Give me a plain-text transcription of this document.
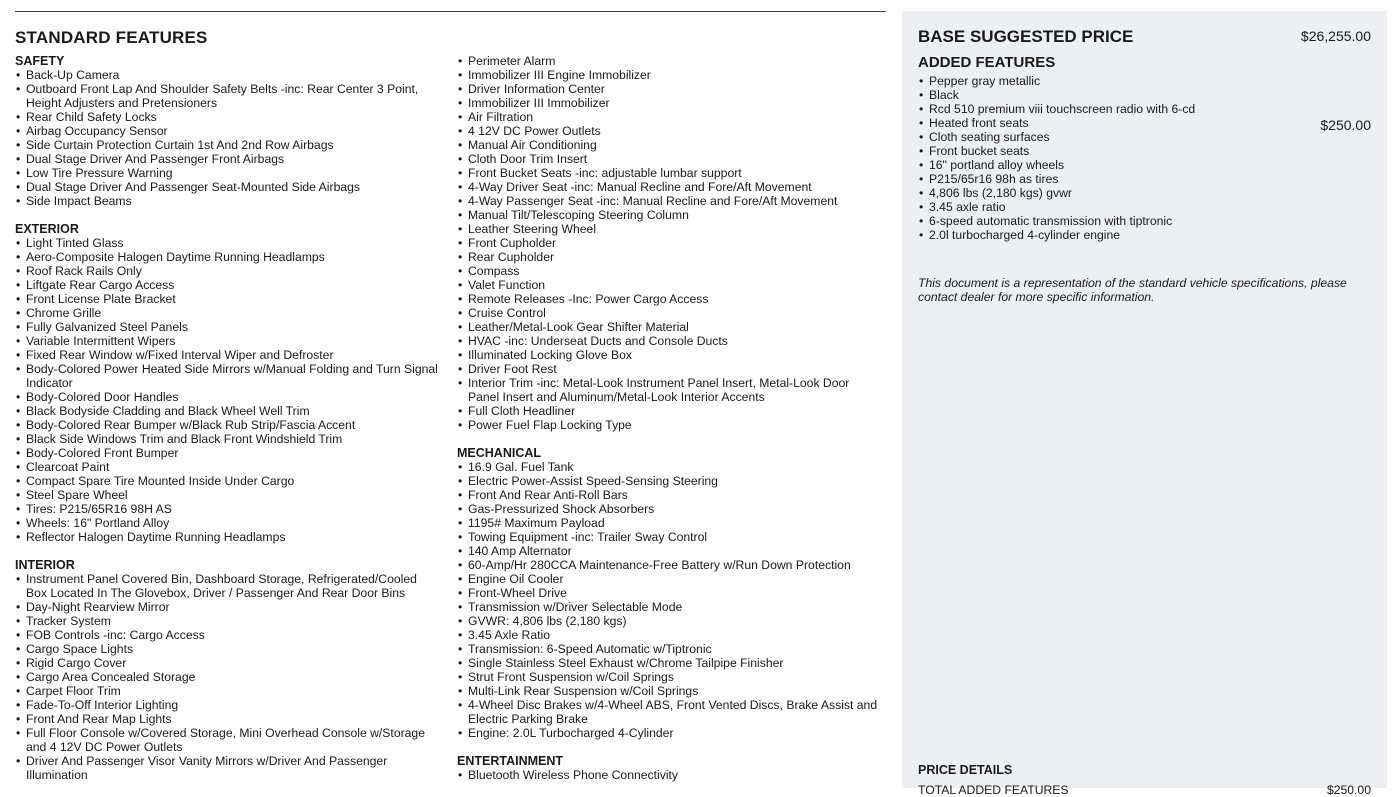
STANDARD FEATURES
SAFETY
• Back-Up Camera
• Outboard Front Lap And Shoulder Safety Belts -inc: Rear Center 3 Point, Height Adjusters and Pretensioners
• Rear Child Safety Locks
• Airbag Occupancy Sensor
• Side Curtain Protection Curtain 1st And 2nd Row Airbags
• Dual Stage Driver And Passenger Front Airbags
• Low Tire Pressure Warning
• Dual Stage Driver And Passenger Seat-Mounted Side Airbags
• Side Impact Beams
EXTERIOR
• Light Tinted Glass
• Aero-Composite Halogen Daytime Running Headlamps
• Roof Rack Rails Only
• Liftgate Rear Cargo Access
• Front License Plate Bracket
• Chrome Grille
• Fully Galvanized Steel Panels
• Variable Intermittent Wipers
• Fixed Rear Window w/Fixed Interval Wiper and Defroster
• Body-Colored Power Heated Side Mirrors w/Manual Folding and Turn Signal Indicator
• Body-Colored Door Handles
• Black Bodyside Cladding and Black Wheel Well Trim
• Body-Colored Rear Bumper w/Black Rub Strip/Fascia Accent
• Black Side Windows Trim and Black Front Windshield Trim
• Body-Colored Front Bumper
• Clearcoat Paint
• Compact Spare Tire Mounted Inside Under Cargo
• Steel Spare Wheel
• Tires: P215/65R16 98H AS
• Wheels: 16" Portland Alloy
• Reflector Halogen Daytime Running Headlamps
INTERIOR
• Instrument Panel Covered Bin, Dashboard Storage, Refrigerated/Cooled Box Located In The Glovebox, Driver / Passenger And Rear Door Bins
• Day-Night Rearview Mirror
• Tracker System
• FOB Controls -inc: Cargo Access
• Cargo Space Lights
• Rigid Cargo Cover
• Cargo Area Concealed Storage
• Carpet Floor Trim
• Fade-To-Off Interior Lighting
• Front And Rear Map Lights
• Full Floor Console w/Covered Storage, Mini Overhead Console w/Storage and 4 12V DC Power Outlets
• Driver And Passenger Visor Vanity Mirrors w/Driver And Passenger Illumination
• Perimeter Alarm
• Immobilizer III Engine Immobilizer
• Driver Information Center
• Immobilizer III Immobilizer
• Air Filtration
• 4 12V DC Power Outlets
• Manual Air Conditioning
• Cloth Door Trim Insert
• Front Bucket Seats -inc: adjustable lumbar support
• 4-Way Driver Seat -inc: Manual Recline and Fore/Aft Movement
• 4-Way Passenger Seat -inc: Manual Recline and Fore/Aft Movement
• Manual Tilt/Telescoping Steering Column
• Leather Steering Wheel
• Front Cupholder
• Rear Cupholder
• Compass
• Valet Function
• Remote Releases -Inc: Power Cargo Access
• Cruise Control
• Leather/Metal-Look Gear Shifter Material
• HVAC -inc: Underseat Ducts and Console Ducts
• Illuminated Locking Glove Box
• Driver Foot Rest
• Interior Trim -inc: Metal-Look Instrument Panel Insert, Metal-Look Door Panel Insert and Aluminum/Metal-Look Interior Accents
• Full Cloth Headliner
• Power Fuel Flap Locking Type
MECHANICAL
• 16.9 Gal. Fuel Tank
• Electric Power-Assist Speed-Sensing Steering
• Front And Rear Anti-Roll Bars
• Gas-Pressurized Shock Absorbers
• 1195# Maximum Payload
• Towing Equipment -inc: Trailer Sway Control
• 140 Amp Alternator
• 60-Amp/Hr 280CCA Maintenance-Free Battery w/Run Down Protection
• Engine Oil Cooler
• Front-Wheel Drive
• Transmission w/Driver Selectable Mode
• GVWR: 4,806 lbs (2,180 kgs)
• 3.45 Axle Ratio
• Transmission: 6-Speed Automatic w/Tiptronic
• Single Stainless Steel Exhaust w/Chrome Tailpipe Finisher
• Strut Front Suspension w/Coil Springs
• Multi-Link Rear Suspension w/Coil Springs
• 4-Wheel Disc Brakes w/4-Wheel ABS, Front Vented Discs, Brake Assist and Electric Parking Brake
• Engine: 2.0L Turbocharged 4-Cylinder
ENTERTAINMENT
• Bluetooth Wireless Phone Connectivity
BASE SUGGESTED PRICE	$26,255.00
ADDED FEATURES
• Pepper gray metallic
• Black
• Rcd 510 premium viii touchscreen radio with 6-cd
• Heated front seats
• Cloth seating surfaces
• Front bucket seats
• 16" portland alloy wheels
• P215/65r16 98h as tires
• 4,806 lbs (2,180 kgs) gvwr
• 3.45 axle ratio
• 6-speed automatic transmission with tiptronic
• 2.0l turbocharged 4-cylinder engine
$250.00
This document is a representation of the standard vehicle specifications, please contact dealer for more specific information.
PRICE DETAILS
TOTAL ADDED FEATURES	$250.00
